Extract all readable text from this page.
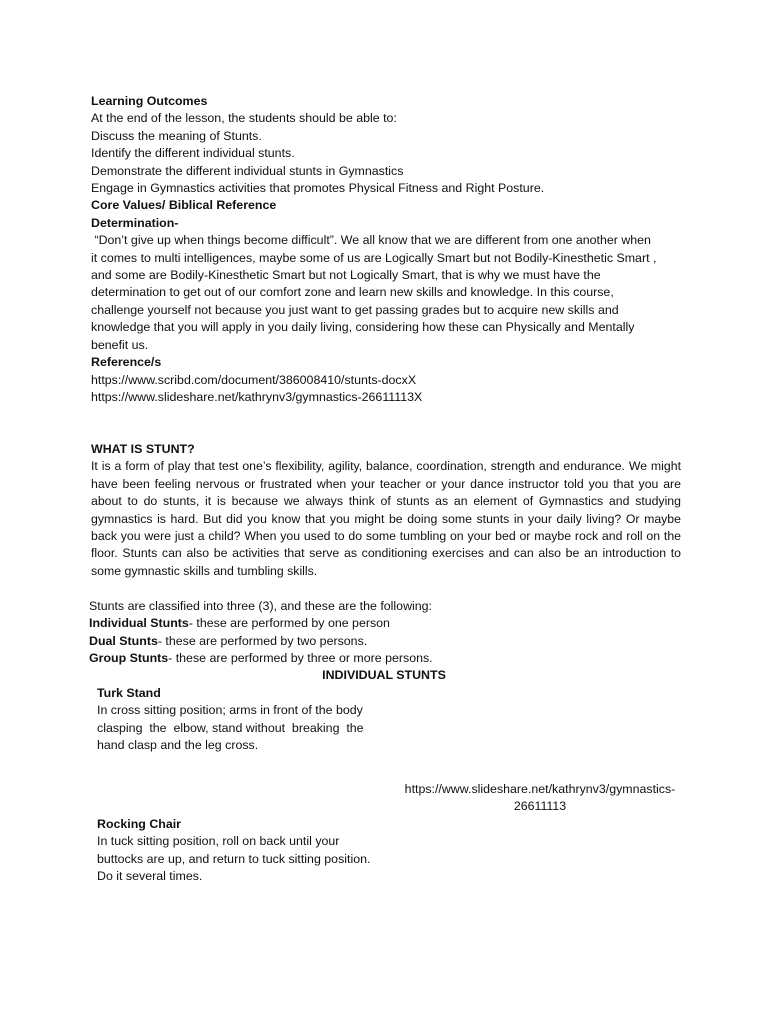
Learning Outcomes
At the end of the lesson, the students should be able to:
Discuss the meaning of Stunts.
Identify the different individual stunts.
Demonstrate the different individual stunts in Gymnastics
Engage in Gymnastics activities that promotes Physical Fitness and Right Posture.
Core Values/ Biblical Reference
Determination-
“Don’t give up when things become difficult”. We all know that we are different from one another when
it comes to multi intelligences, maybe some of us are Logically Smart but not Bodily-Kinesthetic Smart ,
and some are Bodily-Kinesthetic Smart but not Logically Smart, that is why we must have the
determination to get out of our comfort zone and learn new skills and knowledge. In this course,
challenge yourself not because you just want to get passing grades but to acquire new skills and
knowledge that you will apply in you daily living, considering how these can Physically and Mentally
benefit us.
Reference/s
https://www.scribd.com/document/386008410/stunts-docxX
https://www.slideshare.net/kathrynv3/gymnastics-26611113X
WHAT IS STUNT?

It is a form of play that test one’s flexibility, agility, balance, coordination, strength and endurance. We might have been feeling nervous or frustrated when your teacher or your dance instructor told you that you are about to do stunts, it is because we always think of stunts as an element of Gymnastics and studying gymnastics is hard. But did you know that you might be doing some stunts in your daily living? Or maybe back you were just a child? When you used to do some tumbling on your bed or maybe rock and roll on the floor. Stunts can also be activities that serve as conditioning exercises and can also be an introduction to some gymnastic skills and tumbling skills.

Stunts are classified into three (3), and these are the following:
Individual Stunts- these are performed by one person
Dual Stunts- these are performed by two persons.
Group Stunts- these are performed by three or more persons.
INDIVIDUAL STUNTS
Turk Stand
In cross sitting position; arms in front of the body
clasping  the  elbow, stand without  breaking  the
hand clasp and the leg cross.
https://www.slideshare.net/kathrynv3/gymnastics-
26611113
Rocking Chair
In tuck sitting position, roll on back until your
buttocks are up, and return to tuck sitting position.
Do it several times.
